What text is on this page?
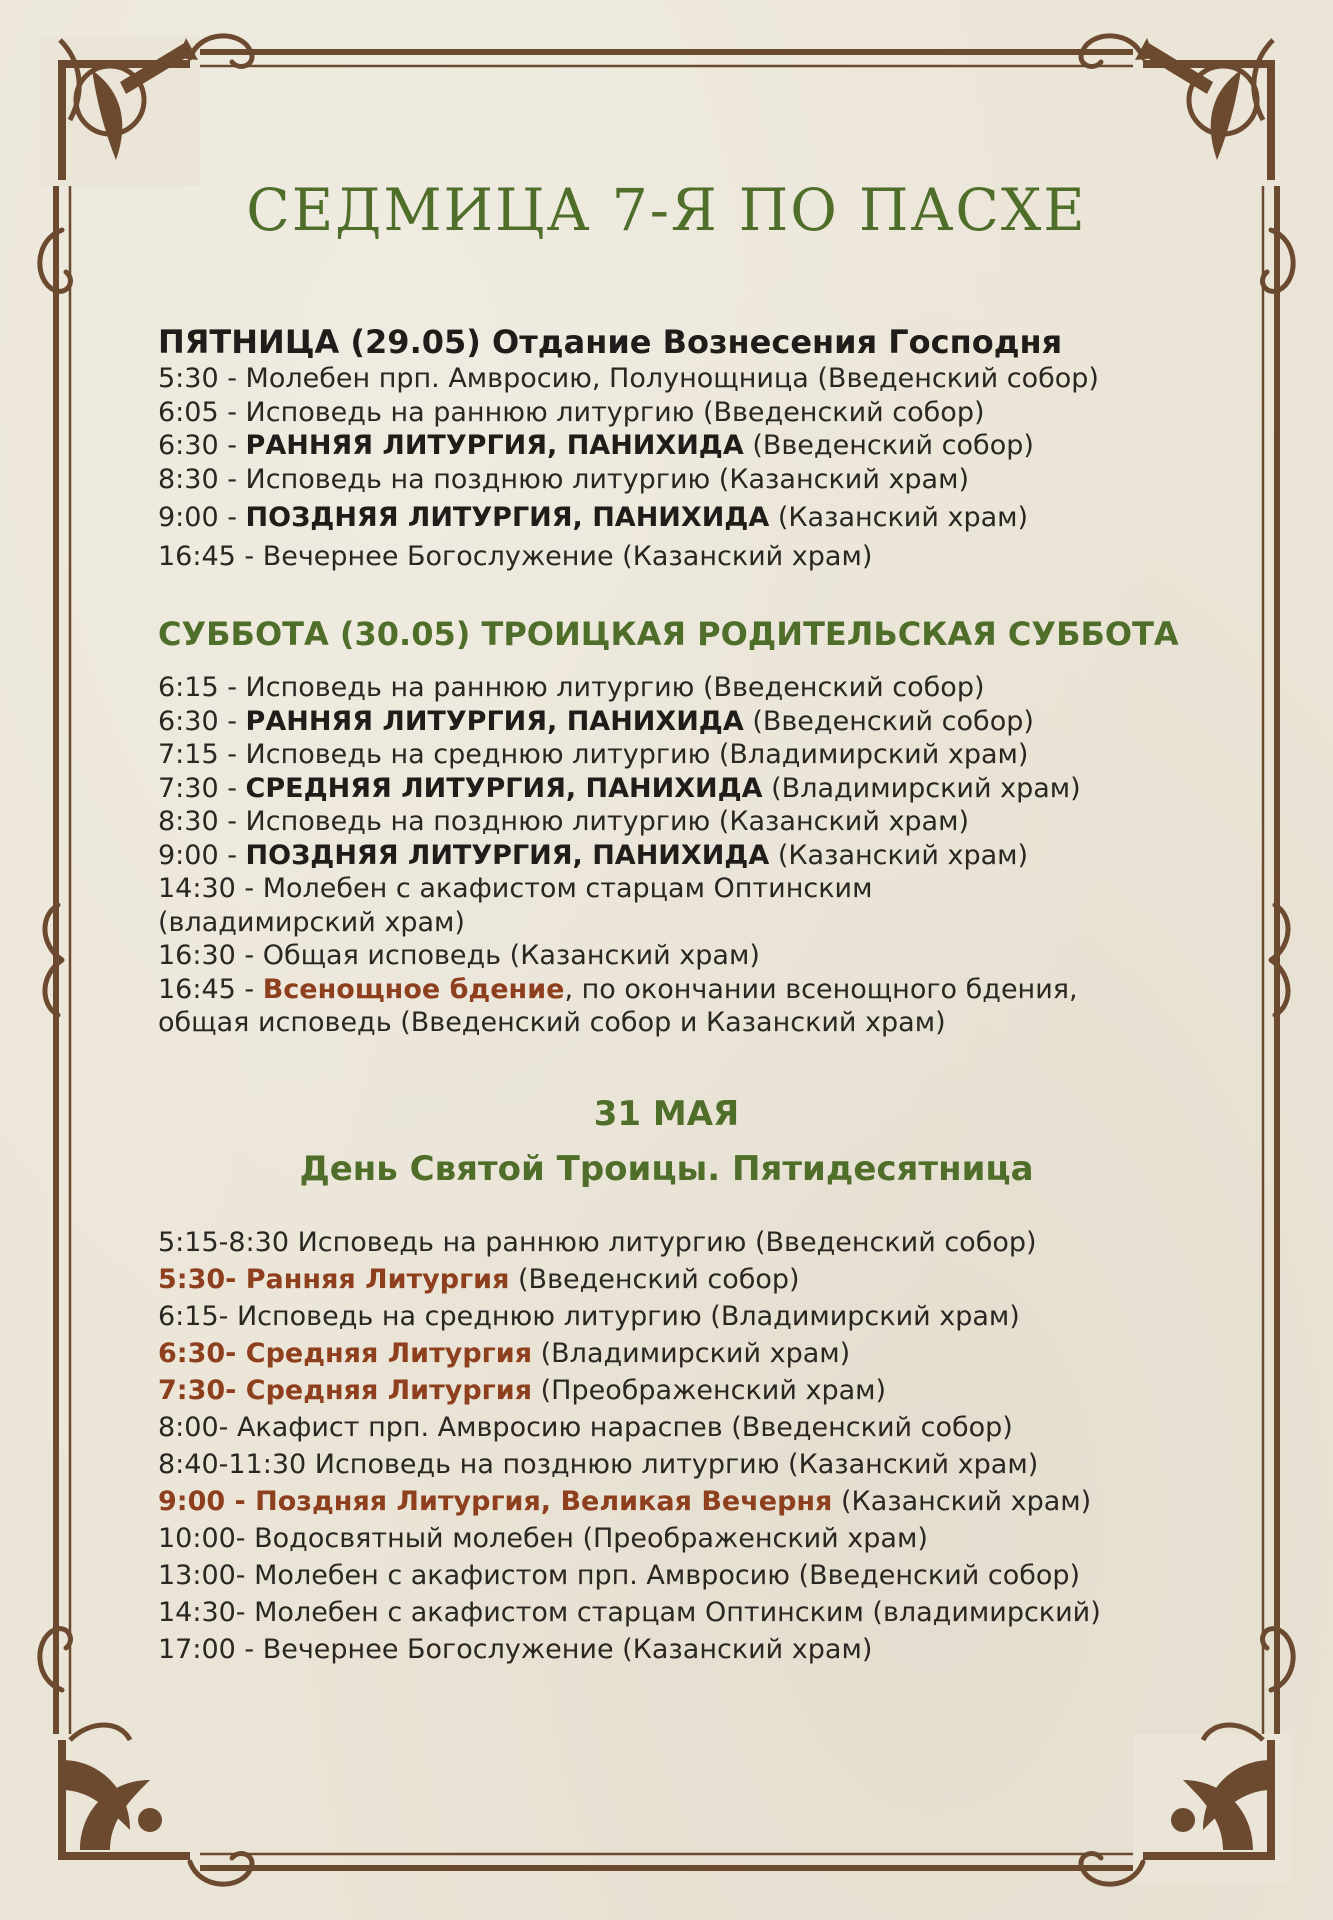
СЕДМИЦА 7-Я ПО ПАСХЕ
ПЯТНИЦА (29.05) Отдание Вознесения Господня
5:30 - Молебен прп. Амвросию, Полунощница (Введенский собор)
6:05 - Исповедь на раннюю литургию (Введенский собор)
6:30 - РАННЯЯ ЛИТУРГИЯ, ПАНИХИДА (Введенский собор)
8:30 - Исповедь на позднюю литургию (Казанский храм)
9:00 - ПОЗДНЯЯ ЛИТУРГИЯ, ПАНИХИДА (Казанский храм)
16:45 - Вечернее Богослужение (Казанский храм)
СУББОТА (30.05) ТРОИЦКАЯ РОДИТЕЛЬСКАЯ СУББОТА
6:15 - Исповедь на раннюю литургию (Введенский собор)
6:30 - РАННЯЯ ЛИТУРГИЯ, ПАНИХИДА (Введенский собор)
7:15 - Исповедь на среднюю литургию (Владимирский храм)
7:30 - СРЕДНЯЯ ЛИТУРГИЯ, ПАНИХИДА (Владимирский храм)
8:30 - Исповедь на позднюю литургию (Казанский храм)
9:00 - ПОЗДНЯЯ ЛИТУРГИЯ, ПАНИХИДА (Казанский храм)
14:30 - Молебен с акафистом старцам Оптинским
(владимирский храм)
16:30 - Общая исповедь (Казанский храм)
16:45 - Всенощное бдение, по окончании всенощного бдения,
общая исповедь (Введенский собор и Казанский храм)
31 МАЯ
День Святой Троицы. Пятидесятница
5:15-8:30 Исповедь на раннюю литургию (Введенский собор)
5:30- Ранняя Литургия (Введенский собор)
6:15- Исповедь на среднюю литургию (Владимирский храм)
6:30- Средняя Литургия (Владимирский храм)
7:30- Средняя Литургия (Преображенский храм)
8:00- Акафист прп. Амвросию нараспев (Введенский собор)
8:40-11:30 Исповедь на позднюю литургию (Казанский храм)
9:00 - Поздняя Литургия, Великая Вечерня (Казанский храм)
10:00- Водосвятный молебен (Преображенский храм)
13:00- Молебен с акафистом прп. Амвросию (Введенский собор)
14:30- Молебен с акафистом старцам Оптинским (владимирский)
17:00 - Вечернее Богослужение (Казанский храм)
